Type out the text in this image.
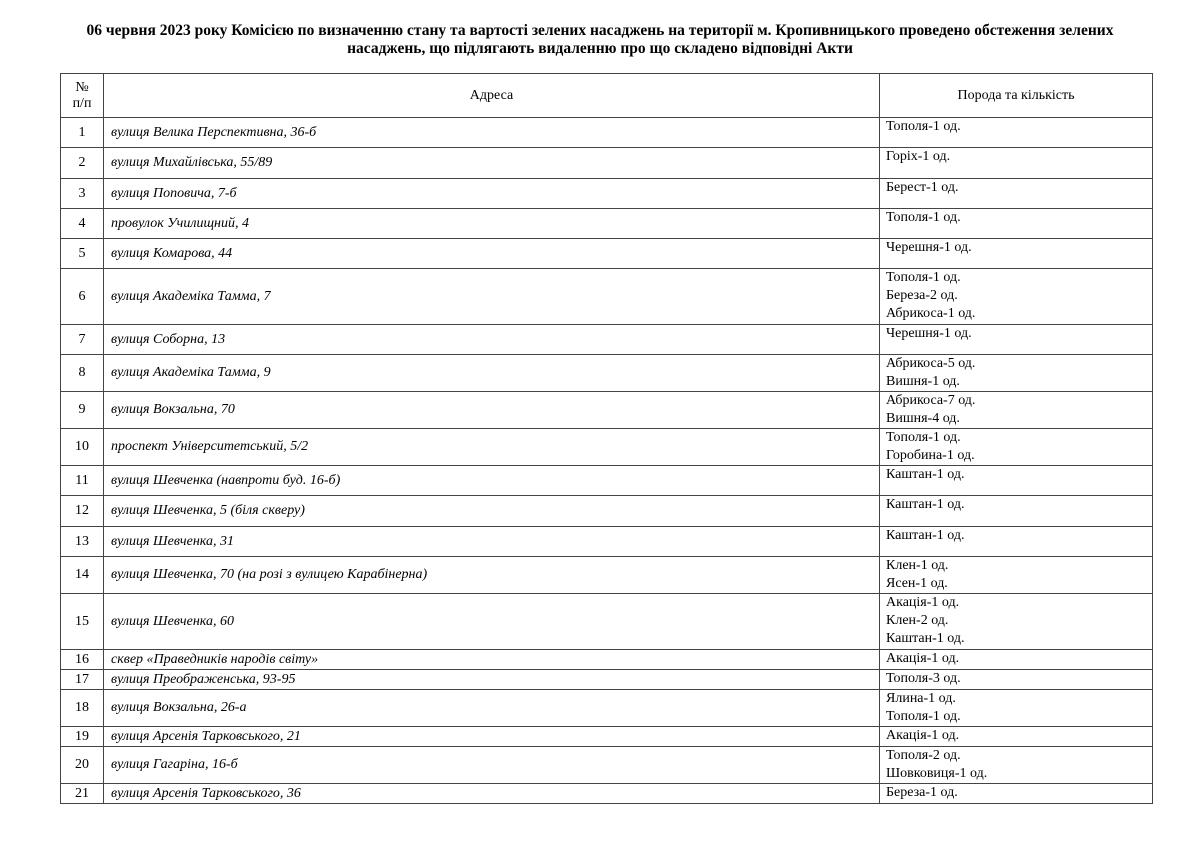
06 червня 2023 року Комісією по визначенню стану та вартості зелених насаджень на території м. Кропивницького проведено обстеження зелених
насаджень, що підлягають видаленню про що складено відповідні Акти
№
п/п	Адреса	Порода та кількість
1	вулиця Велика Перспективна, 36-б	Тополя-1 од.

2	вулиця Михайлівська, 55/89	Горіх-1 од.

3	вулиця Поповича, 7-б	Берест-1 од.

4	провулок Училищний, 4	Тополя-1 од.

5	вулиця Комарова, 44	Черешня-1 од.

6	вулиця Академіка Тамма, 7	Тополя-1 од.
Береза-2 од.
Абрикоса-1 од.

7	вулиця Соборна, 13	Черешня-1 од.

8	вулиця Академіка Тамма, 9	Абрикоса-5 од.
Вишня-1 од.

9	вулиця Вокзальна, 70	Абрикоса-7 од.
Вишня-4 од.

10	проспект Університетський, 5/2	Тополя-1 од.
Горобина-1 од.

11	вулиця Шевченка (навпроти буд. 16-б)	Каштан-1 од.

12	вулиця Шевченка, 5 (біля скверу)	Каштан-1 од.

13	вулиця Шевченка, 31	Каштан-1 од.

14	вулиця Шевченка, 70 (на розі з вулицею Карабінерна)	Клен-1 од.
Ясен-1 од.

15	вулиця Шевченка, 60	Акація-1 од.
Клен-2 од.
Каштан-1 од.

16	сквер «Праведників народів світу»	Акація-1 од.

17	вулиця Преображенська, 93-95	Тополя-3 од.

18	вулиця Вокзальна, 26-а	Ялина-1 од.
Тополя-1 од.

19	вулиця Арсенія Тарковського, 21	Акація-1 од.

20	вулиця Гагаріна, 16-б	Тополя-2 од.
Шовковиця-1 од.

21	вулиця Арсенія Тарковського, 36	Береза-1 од.
